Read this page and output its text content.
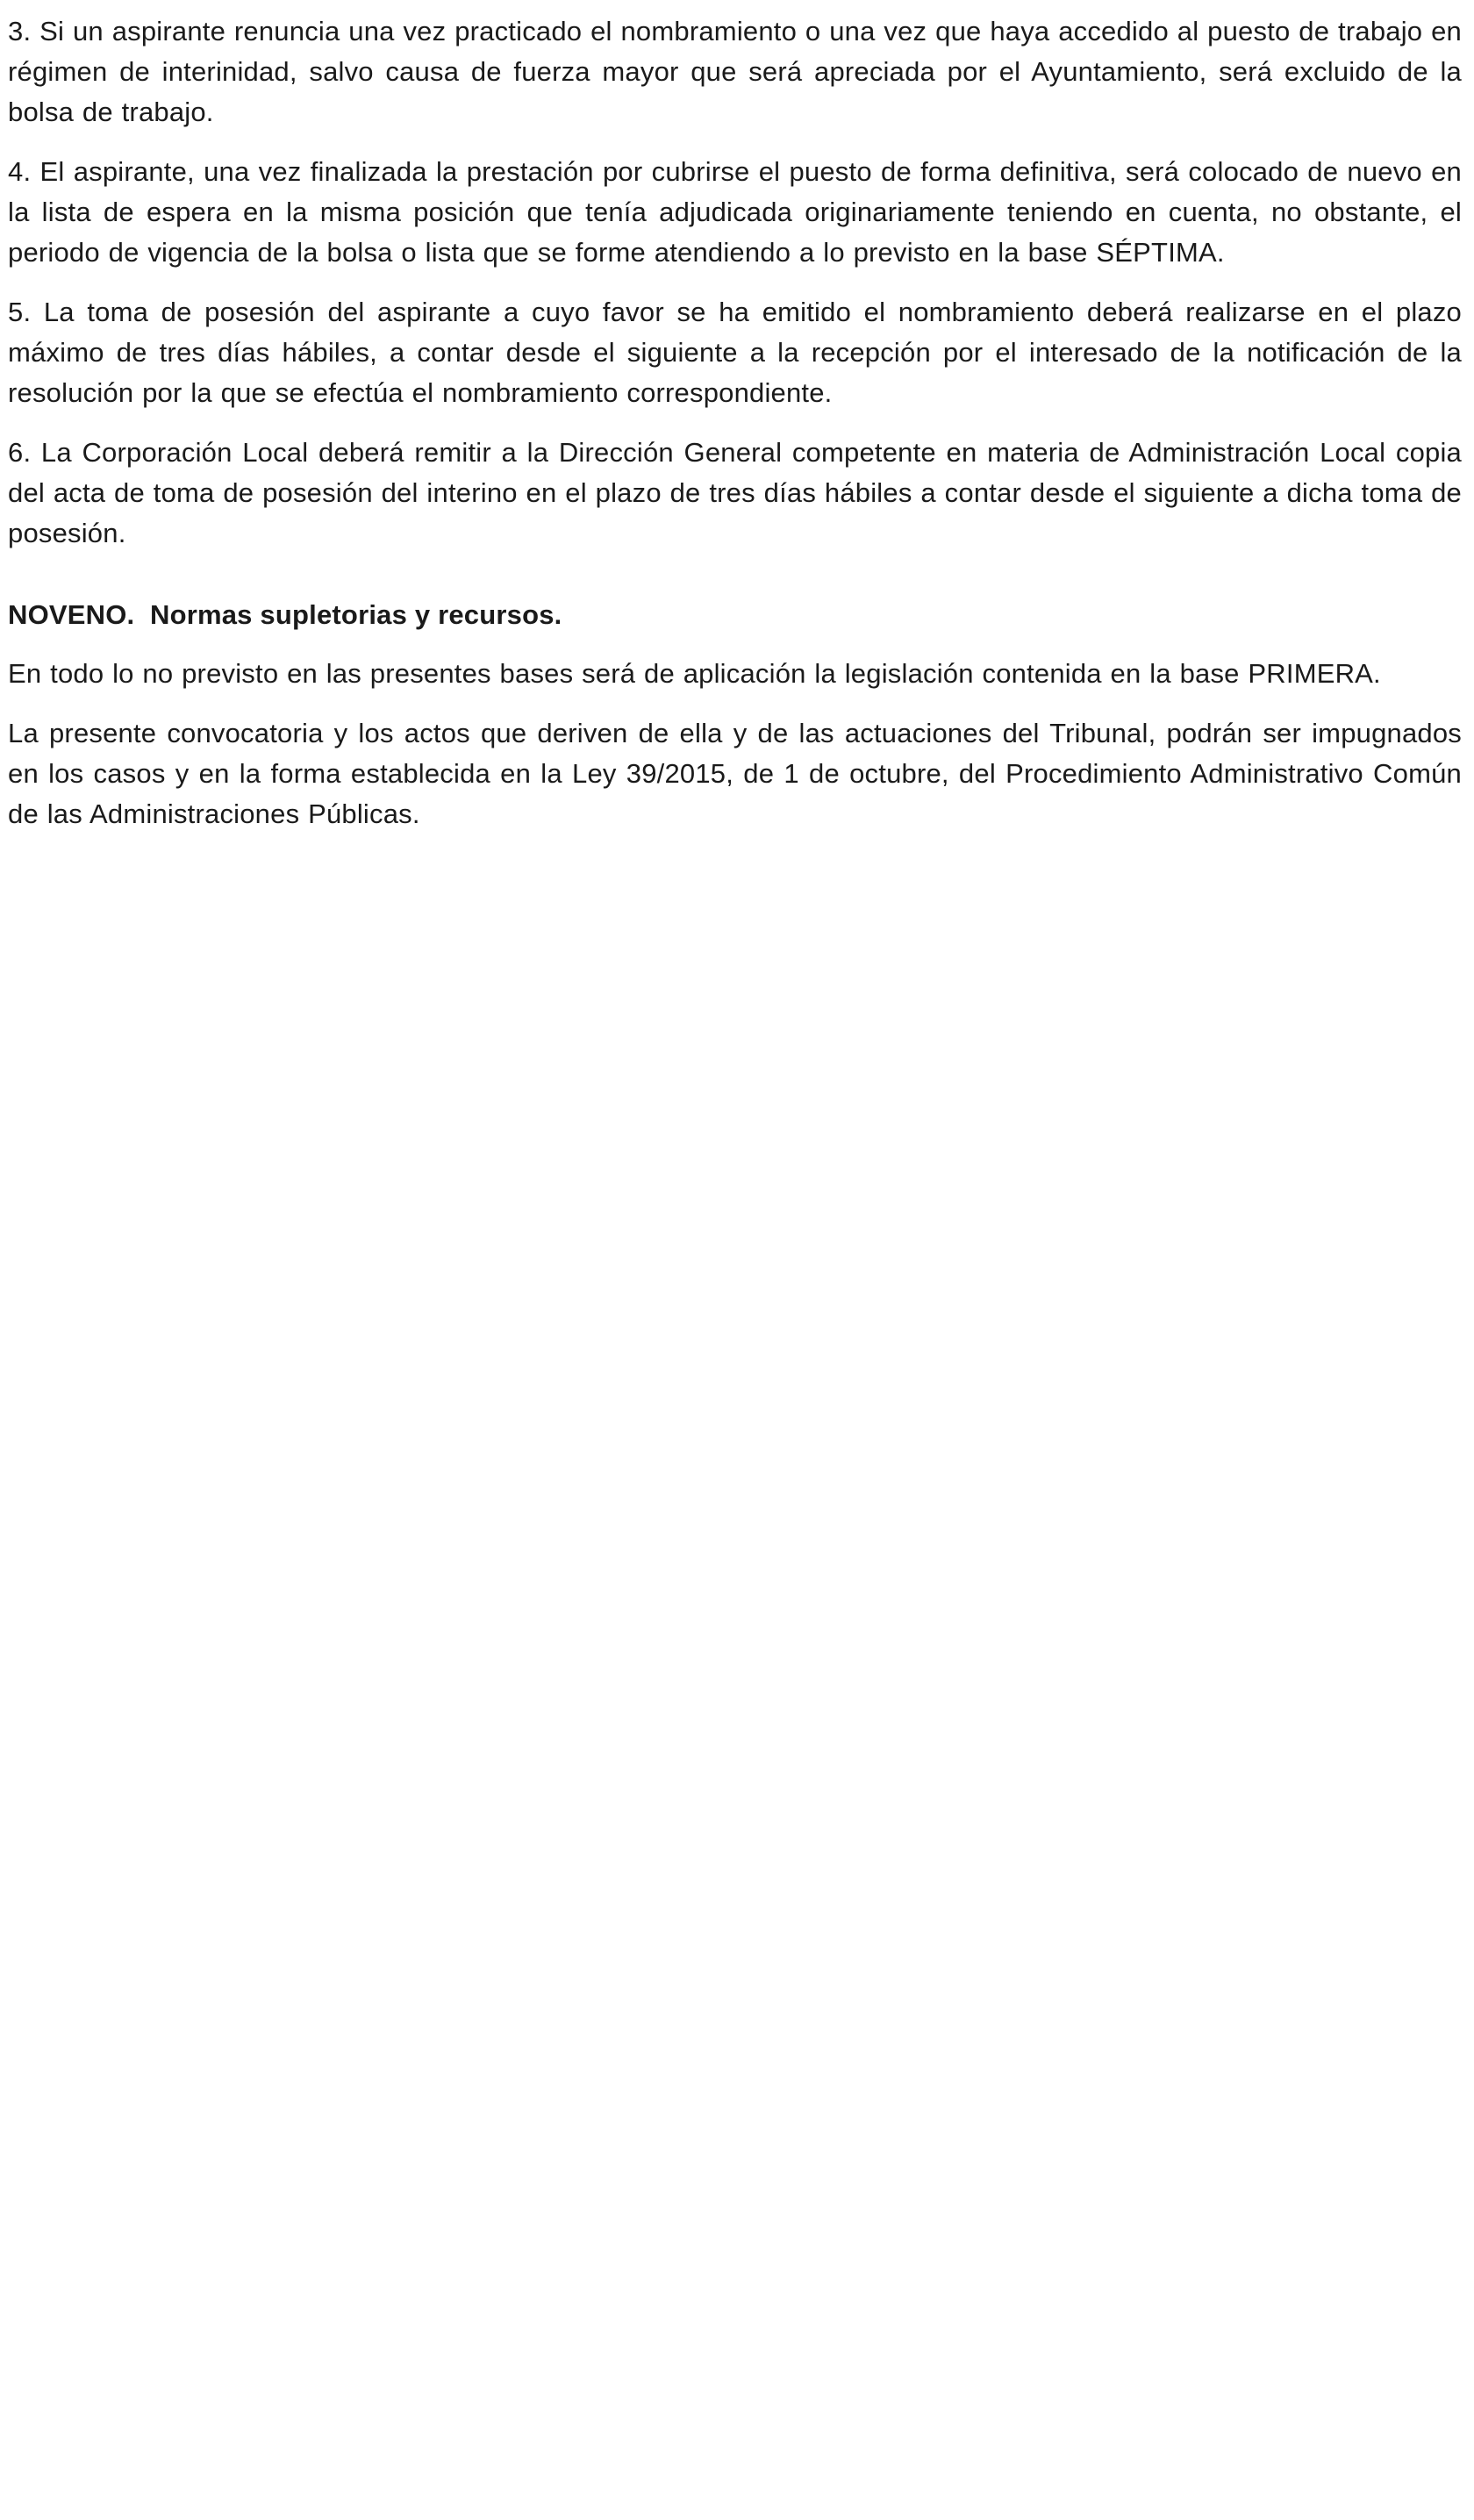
3. Si un aspirante renuncia una vez practicado el nombramiento o una vez que haya accedido al puesto de trabajo en régimen de interinidad, salvo causa de fuerza mayor que será apreciada por el Ayuntamiento, será excluido de la bolsa de trabajo.

4. El aspirante, una vez finalizada la prestación por cubrirse el puesto de forma definitiva, será colocado de nuevo en la lista de espera en la misma posición que tenía adjudicada originariamente teniendo en cuenta, no obstante, el periodo de vigencia de la bolsa o lista que se forme atendiendo a lo previsto en la base SÉPTIMA.

5. La toma de posesión del aspirante a cuyo favor se ha emitido el nombramiento deberá realizarse en el plazo máximo de tres días hábiles, a contar desde el siguiente a la recepción por el interesado de la notificación de la resolución por la que se efectúa el nombramiento correspondiente.

6. La Corporación Local deberá remitir a la Dirección General competente en materia de Administración Local copia del acta de toma de posesión del interino en el plazo de tres días hábiles a contar desde el siguiente a dicha toma de posesión.

NOVENO.  Normas supletorias y recursos.

En todo lo no previsto en las presentes bases será de aplicación la legislación contenida en la base PRIMERA.

La presente convocatoria y los actos que deriven de ella y de las actuaciones del Tribunal, podrán ser impugnados en los casos y en la forma establecida en la Ley 39/2015, de 1 de octubre, del Procedimiento Administrativo Común de las Administraciones Públicas.
